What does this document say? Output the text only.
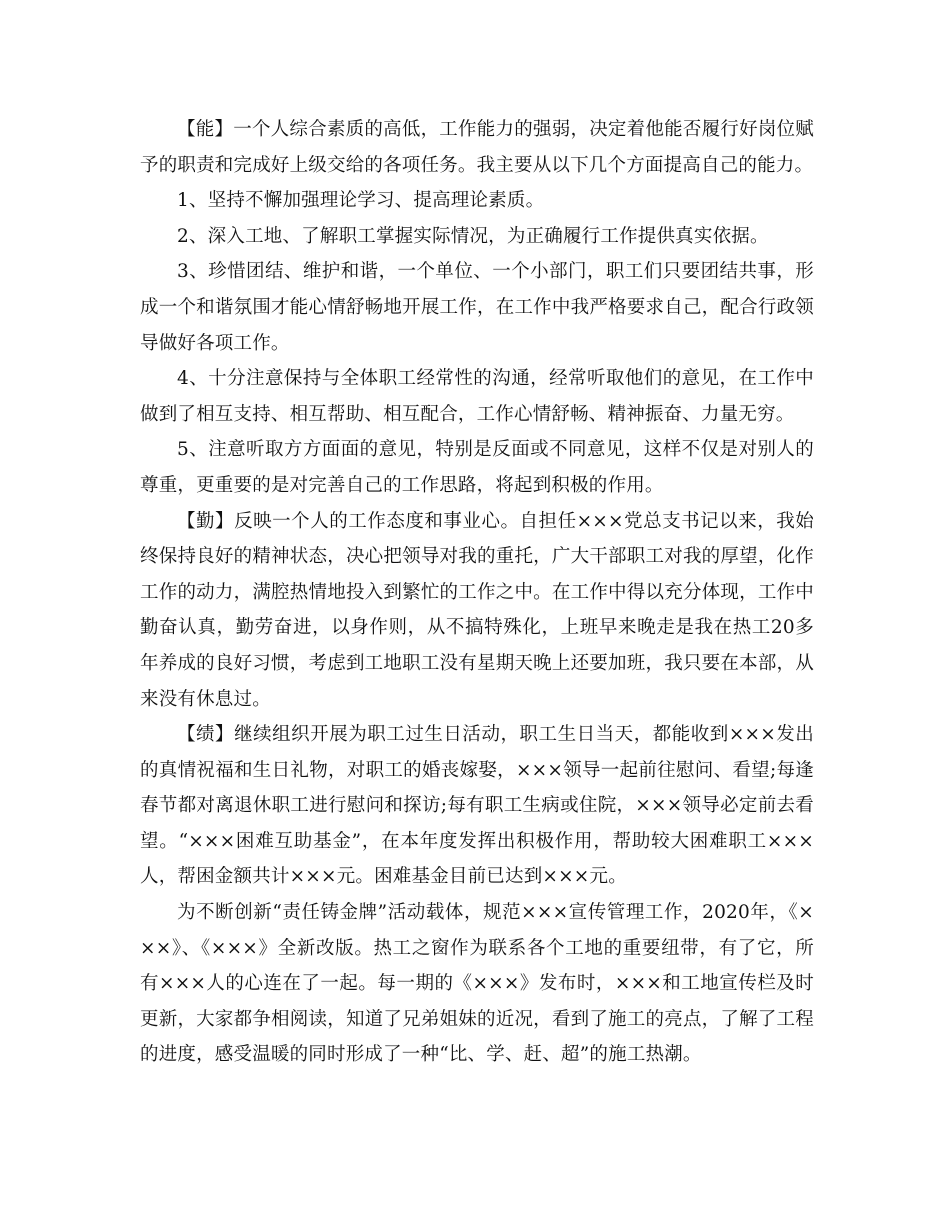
【能】一个人综合素质的高低，工作能力的强弱，决定着他能否履行好岗位赋予的职责和完成好上级交给的各项任务。我主要从以下几个方面提高自己的能力。

1、坚持不懈加强理论学习、提高理论素质。

2、深入工地、了解职工掌握实际情况，为正确履行工作提供真实依据。

3、珍惜团结、维护和谐，一个单位、一个小部门，职工们只要团结共事，形成一个和谐氛围才能心情舒畅地开展工作，在工作中我严格要求自己，配合行政领导做好各项工作。

4、十分注意保持与全体职工经常性的沟通，经常听取他们的意见，在工作中做到了相互支持、相互帮助、相互配合，工作心情舒畅、精神振奋、力量无穷。

5、注意听取方方面面的意见，特别是反面或不同意见，这样不仅是对别人的尊重，更重要的是对完善自己的工作思路，将起到积极的作用。

【勤】反映一个人的工作态度和事业心。自担任×××党总支书记以来，我始终保持良好的精神状态，决心把领导对我的重托，广大干部职工对我的厚望，化作工作的动力，满腔热情地投入到繁忙的工作之中。在工作中得以充分体现，工作中勤奋认真，勤劳奋进，以身作则，从不搞特殊化，上班早来晚走是我在热工20多年养成的良好习惯，考虑到工地职工没有星期天晚上还要加班，我只要在本部，从来没有休息过。

【绩】继续组织开展为职工过生日活动，职工生日当天，都能收到×××发出的真情祝福和生日礼物，对职工的婚丧嫁娶，×××领导一起前往慰问、看望;每逢春节都对离退休职工进行慰问和探访;每有职工生病或住院，×××领导必定前去看望。“×××困难互助基金”，在本年度发挥出积极作用，帮助较大困难职工×××人，帮困金额共计×××元。困难基金目前已达到×××元。

为不断创新“责任铸金牌”活动载体，规范×××宣传管理工作，2020年，《×××》、《×××》全新改版。热工之窗作为联系各个工地的重要纽带，有了它，所有×××人的心连在了一起。每一期的《×××》发布时，×××和工地宣传栏及时更新，大家都争相阅读，知道了兄弟姐妹的近况，看到了施工的亮点，了解了工程的进度，感受温暖的同时形成了一种“比、学、赶、超”的施工热潮。
